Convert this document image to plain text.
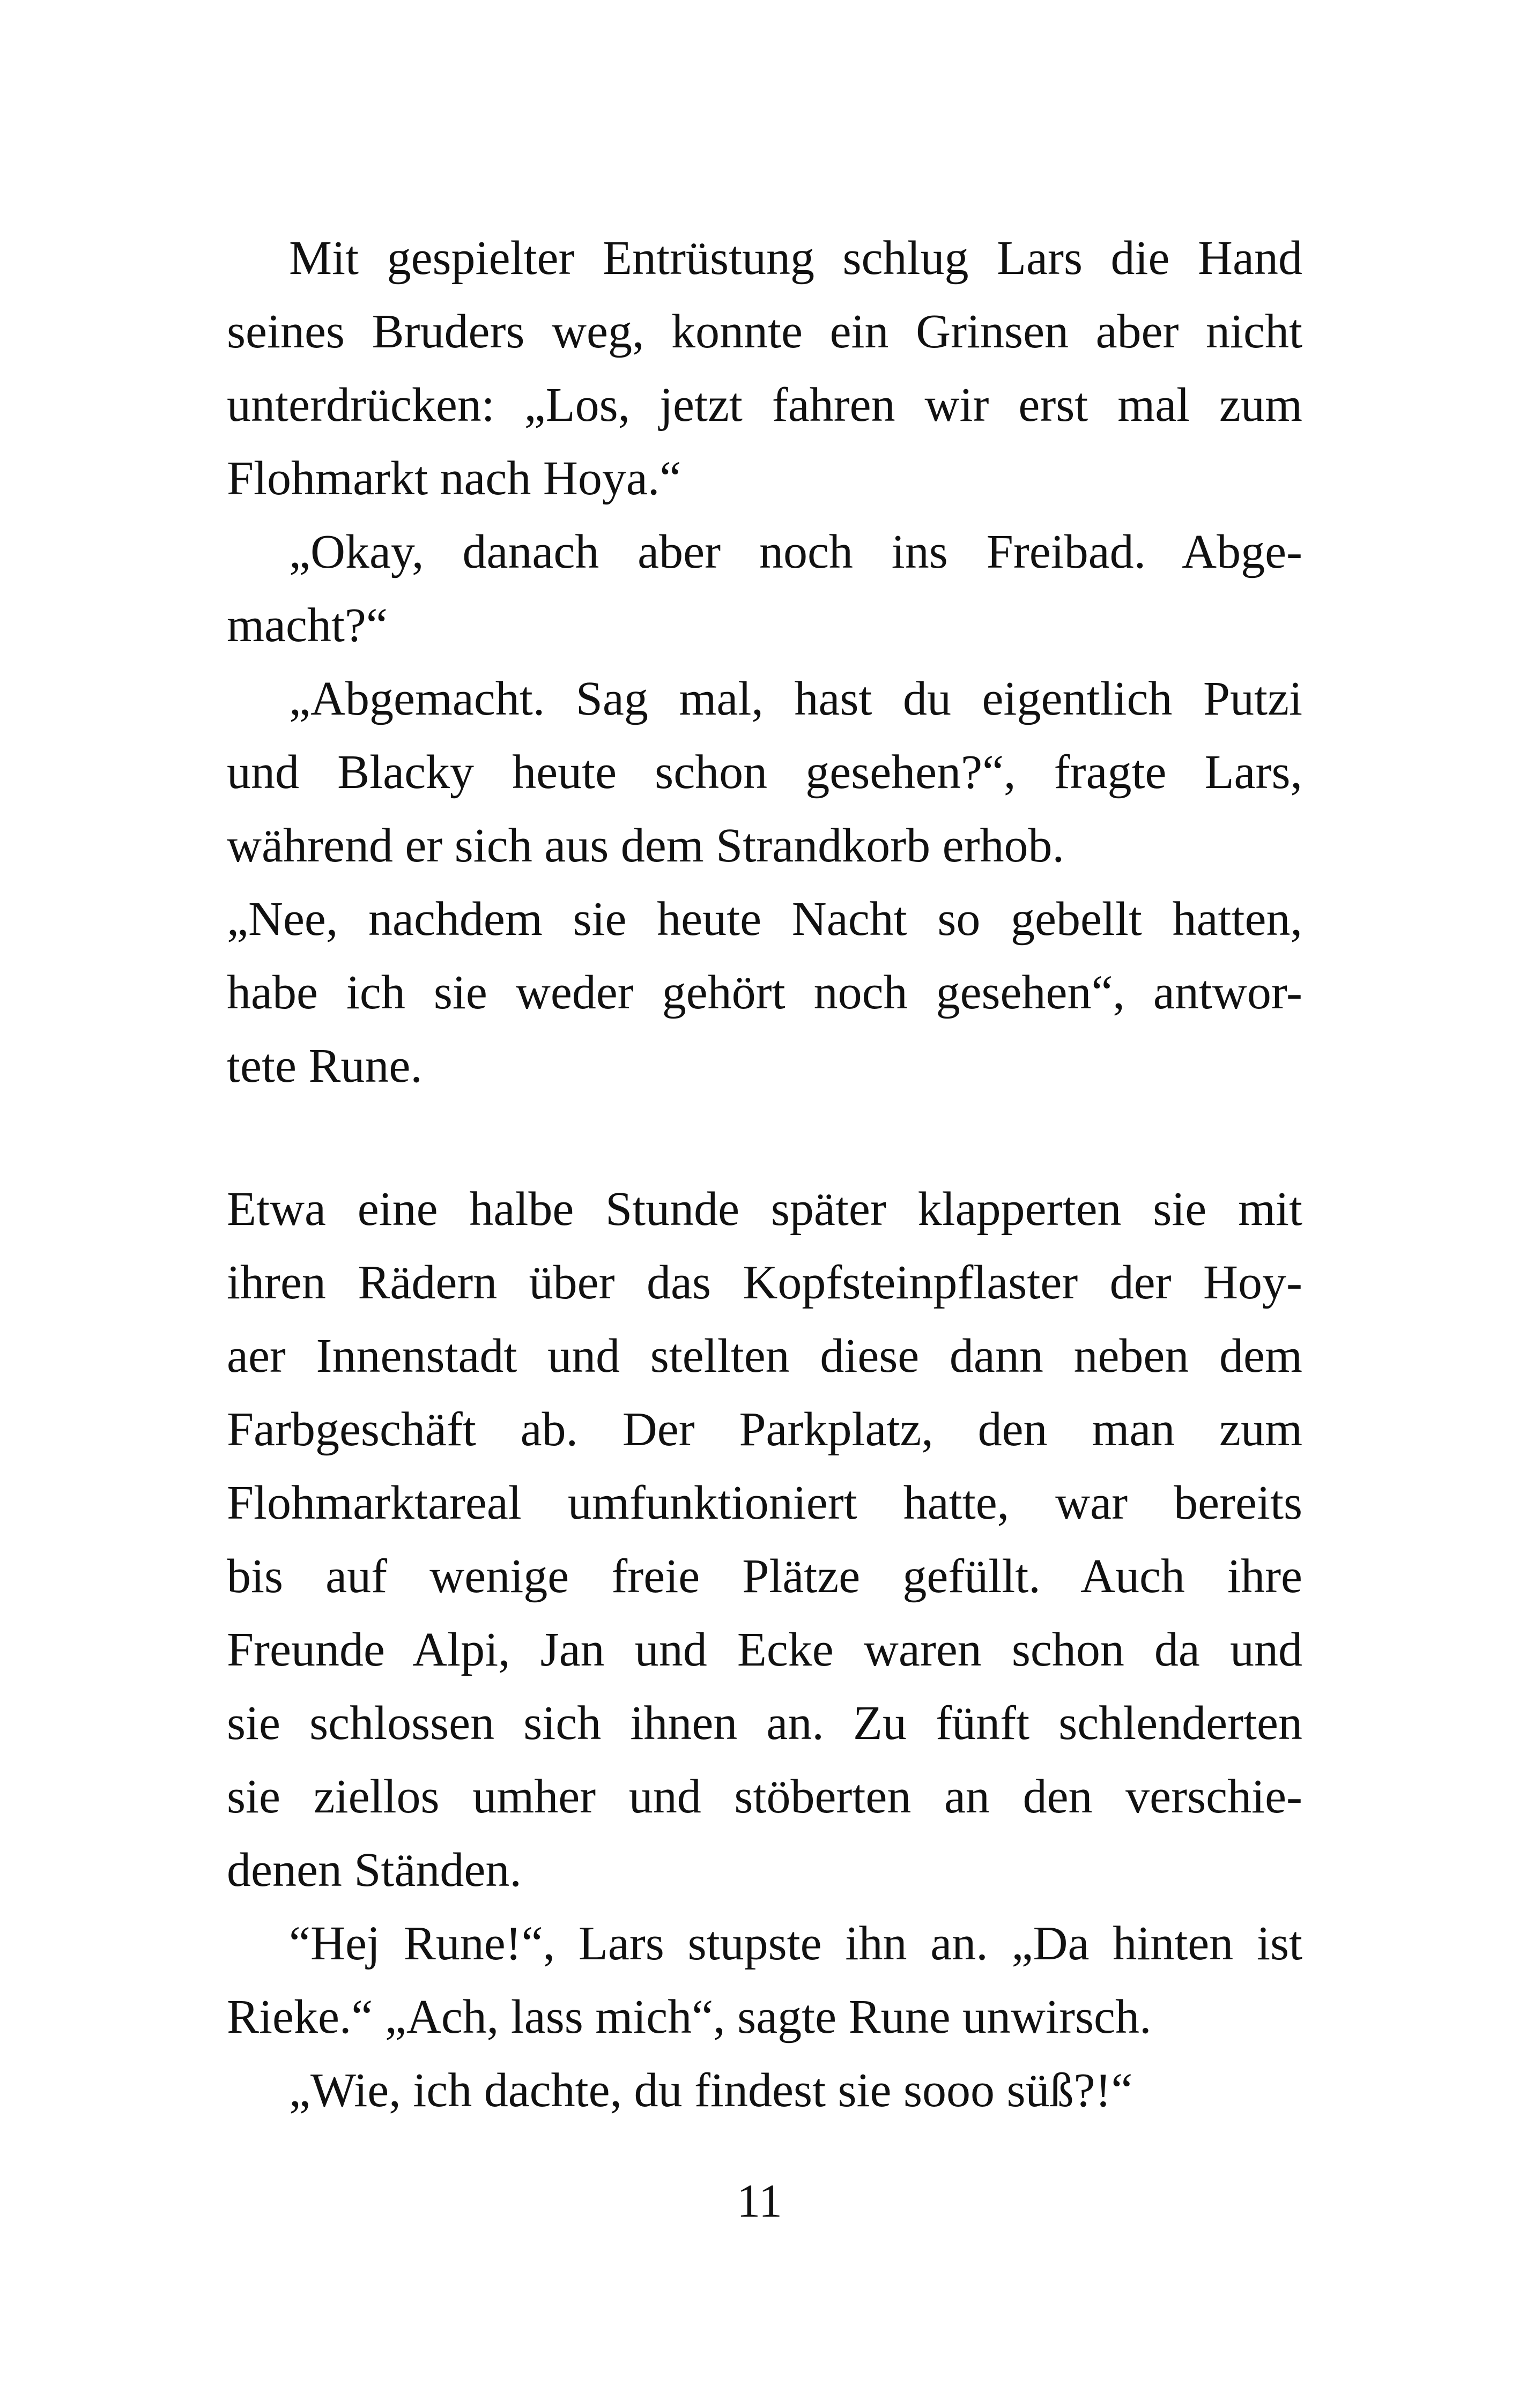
Mit gespielter Entrüstung schlug Lars die Hand
seines Bruders weg, konnte ein Grinsen aber nicht
unterdrücken: „Los, jetzt fahren wir erst mal zum
Flohmarkt nach Hoya.“
„Okay, danach aber noch ins Freibad. Abge-
macht?“
„Abgemacht. Sag mal, hast du eigentlich Putzi
und Blacky heute schon gesehen?“, fragte Lars,
während er sich aus dem Strandkorb erhob.
„Nee, nachdem sie heute Nacht so gebellt hatten,
habe ich sie weder gehört noch gesehen“, antwor-
tete Rune.
Etwa eine halbe Stunde später klapperten sie mit
ihren Rädern über das Kopfsteinpflaster der Hoy-
aer Innenstadt und stellten diese dann neben dem
Farbgeschäft ab. Der Parkplatz, den man zum
Flohmarktareal umfunktioniert hatte, war bereits
bis auf wenige freie Plätze gefüllt. Auch ihre
Freunde Alpi, Jan und Ecke waren schon da und
sie schlossen sich ihnen an. Zu fünft schlenderten
sie ziellos umher und stöberten an den verschie-
denen Ständen.
“Hej Rune!“, Lars stupste ihn an. „Da hinten ist
Rieke.“ „Ach, lass mich“, sagte Rune unwirsch.
„Wie, ich dachte, du findest sie sooo süß?!“
11
